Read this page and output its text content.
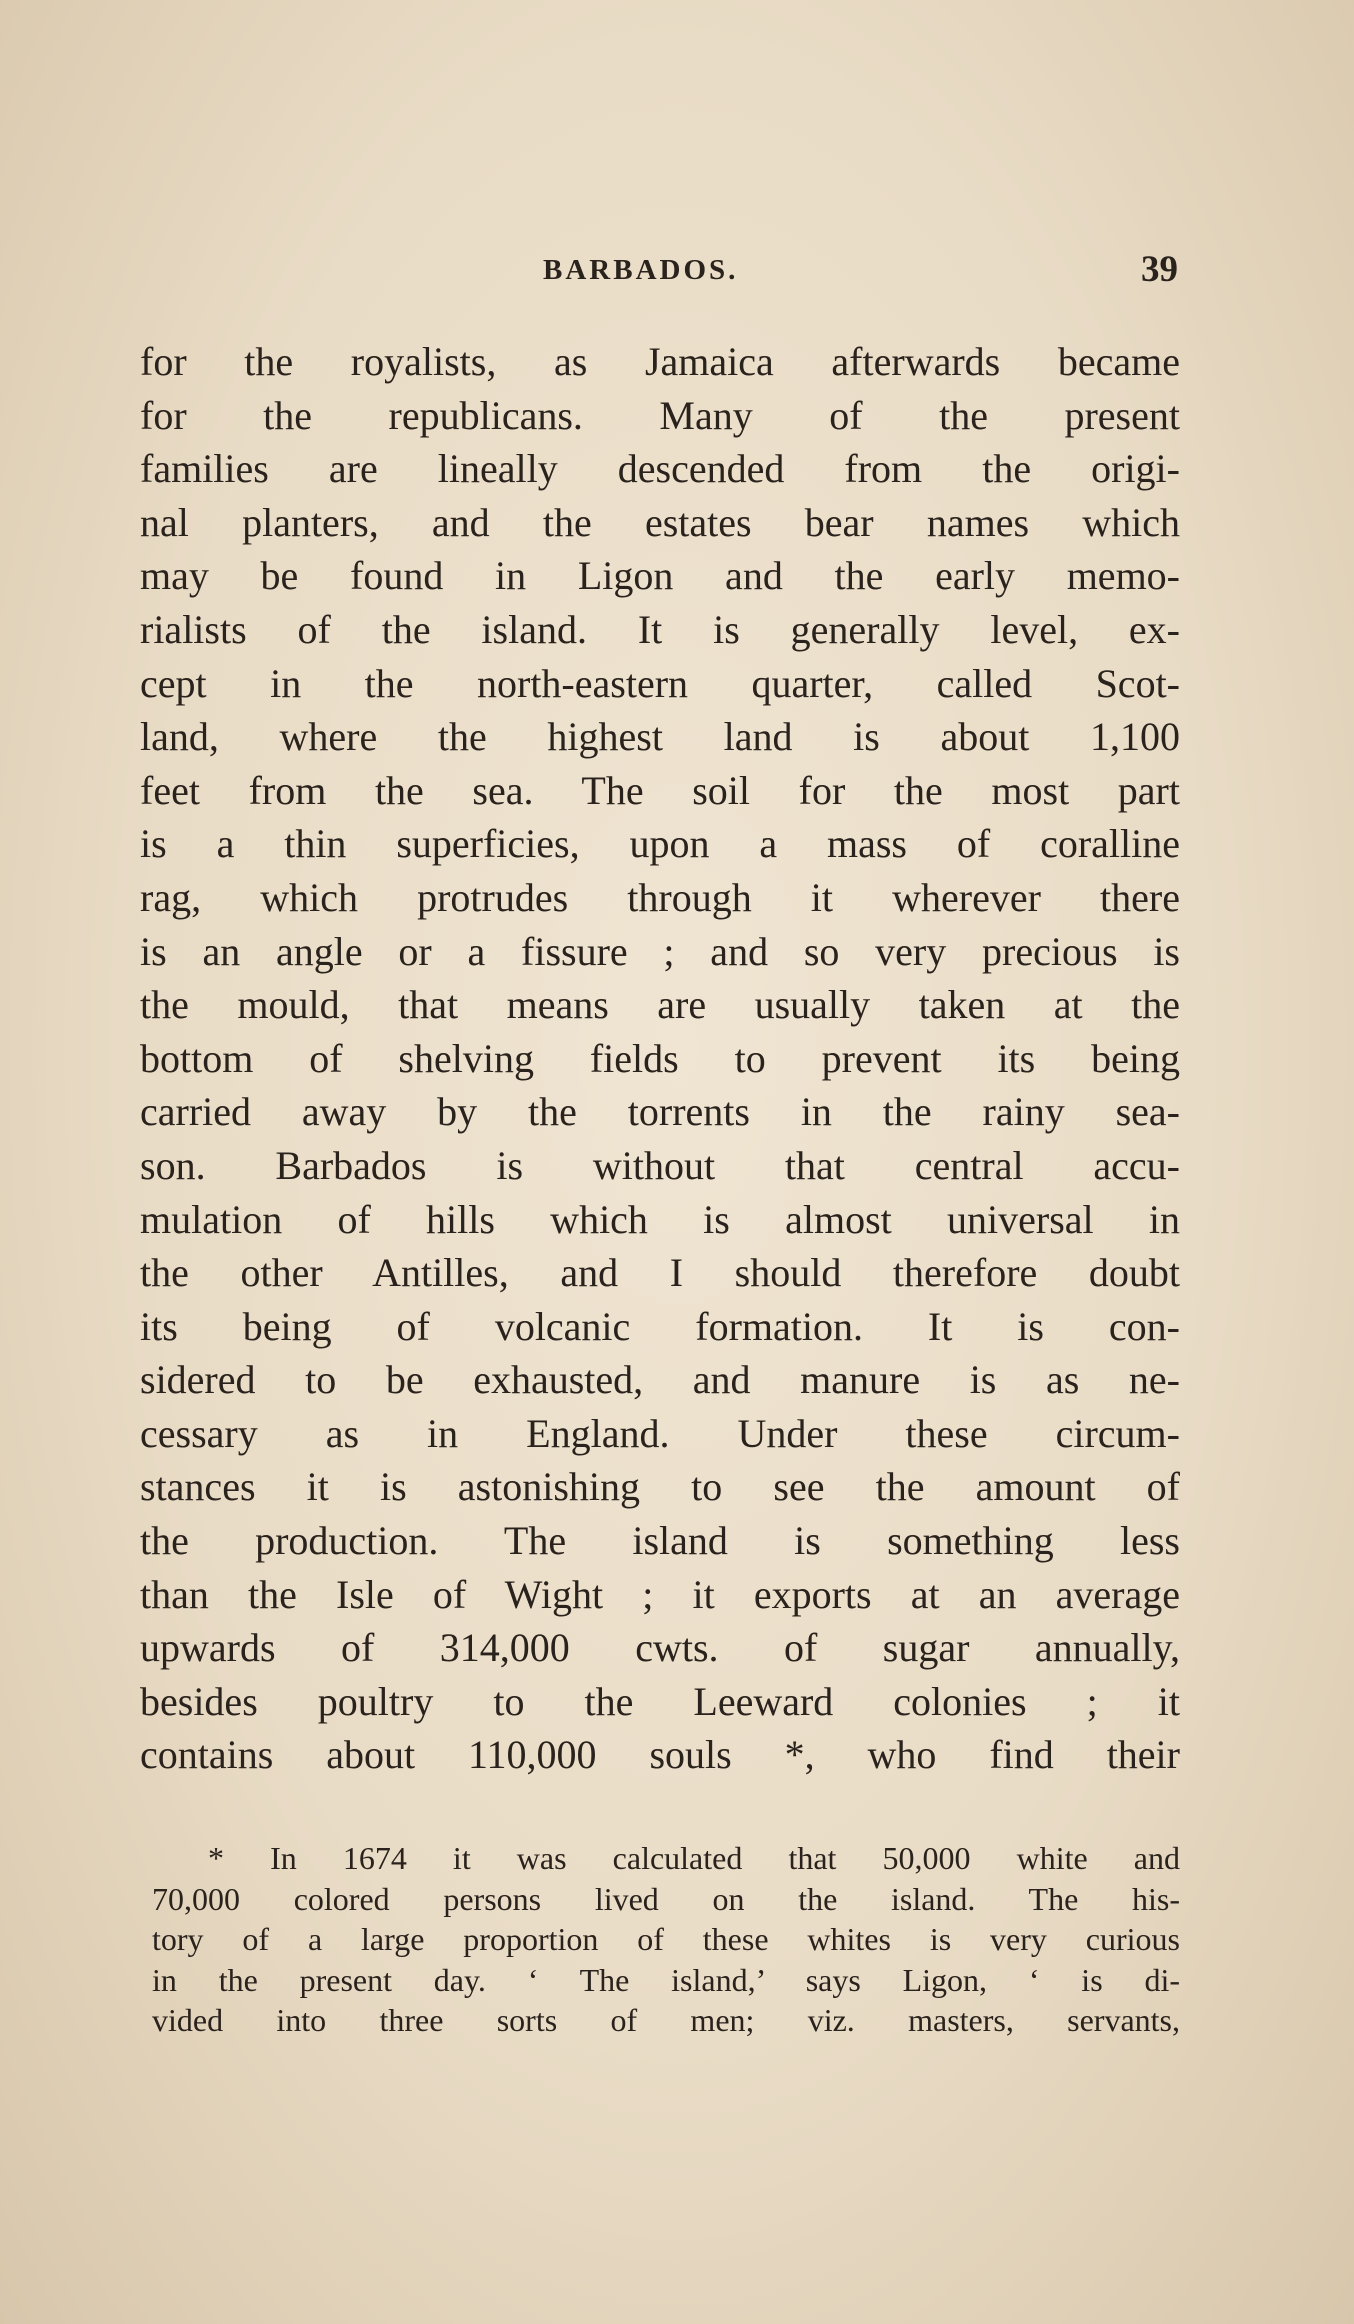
BARBADOS.	39
for the royalists, as Jamaica afterwards became
for the republicans. Many of the present
families are lineally descended from the origi-
nal planters, and the estates bear names which
may be found in Ligon and the early memo-
rialists of the island. It is generally level, ex-
cept in the north-eastern quarter, called Scot-
land, where the highest land is about 1,100
feet from the sea. The soil for the most part
is a thin superficies, upon a mass of coralline
rag, which protrudes through it wherever there
is an angle or a fissure ; and so very precious is
the mould, that means are usually taken at the
bottom of shelving fields to prevent its being
carried away by the torrents in the rainy sea-
son. Barbados is without that central accu-
mulation of hills which is almost universal in
the other Antilles, and I should therefore doubt
its being of volcanic formation. It is con-
sidered to be exhausted, and manure is as ne-
cessary as in England. Under these circum-
stances it is astonishing to see the amount of
the production. The island is something less
than the Isle of Wight ; it exports at an average
upwards of 314,000 cwts. of sugar annually,
besides poultry to the Leeward colonies ; it
contains about 110,000 souls *, who find their
* In 1674 it was calculated that 50,000 white and
70,000 colored persons lived on the island. The his-
tory of a large proportion of these whites is very curious
in the present day. ‘ The island,’ says Ligon, ‘ is di-
vided into three sorts of men; viz. masters, servants,
